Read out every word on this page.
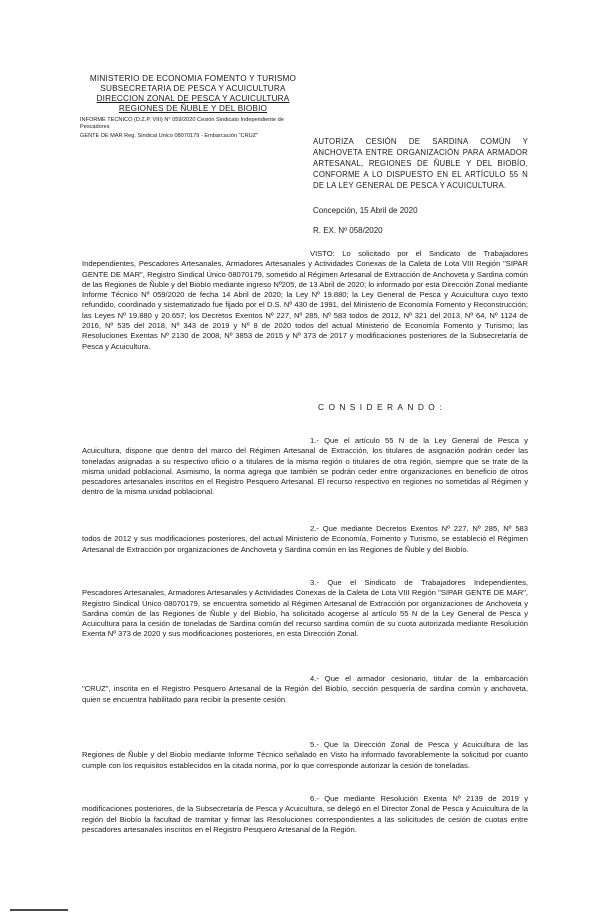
MINISTERIO DE ECONOMIA FOMENTO Y TURISMO
SUBSECRETARIA DE PESCA Y ACUICULTURA
DIRECCION ZONAL DE PESCA Y ACUICULTURA
REGIONES DE ÑUBLE Y DEL BIOBIO
INFORME TECNICO (D.Z.P. VIII) N° 059/2020 Cesión Sindicato Independiente de Pescadores
GENTE DE MAR Reg. Sindical Unico 08070179 - Embarcación "CRUZ"
AUTORIZA CESIÓN DE SARDINA COMÚN Y ANCHOVETA ENTRE ORGANIZACIÓN PARA ARMADOR ARTESANAL, REGIONES DE ÑUBLE Y DEL BIOBÍO, CONFORME A LO DISPUESTO EN EL ARTÍCULO 55 N DE LA LEY GENERAL DE PESCA Y ACUICULTURA.
Concepción, 15 Abril de 2020
R. EX. Nº 058/2020
VISTO: Lo solicitado por el Sindicato de Trabajadores Independientes, Pescadores Artesanales, Armadores Artesanales y Actividades Conexas de la Caleta de Lota VIII Región "SIPAR GENTE DE MAR", Registro Sindical Único 08070179, sometido al Régimen Artesanal de Extracción de Anchoveta y Sardina común de las Regiones de Ñuble y del Biobío mediante ingreso Nº205, de 13 Abril de 2020; lo informado por esta Dirección Zonal mediante Informe Técnico Nº 059/2020 de fecha 14 Abril de 2020; la Ley Nº 19.880; la Ley General de Pesca y Acuicultura cuyo texto refundido, coordinado y sistematizado fue fijado por el D.S. Nº 430 de 1991, del Ministerio de Economía Fomento y Reconstrucción; las Leyes Nº 19.880 y 20.657; los Decretos Exentos Nº 227, Nº 285, Nº 583 todos de 2012, Nº 321 del 2013, Nº 64, Nº 1124 de 2016, Nº 535 del 2018, Nº 343 de 2019 y Nº 8 de 2020 todos del actual Ministerio de Economía Fomento y Turismo; las Resoluciones Exentas Nº 2130 de 2008, Nº 3853 de 2015 y Nº 373 de 2017 y modificaciones posteriores de la Subsecretaría de Pesca y Acuicultura.
CONSIDERANDO:
1.- Que el artículo 55 N de la Ley General de Pesca y Acuicultura, dispone que dentro del marco del Régimen Artesanal de Extracción, los titulares de asignación podrán ceder las toneladas asignadas a su respectivo oficio o a titulares de la misma región o titulares de otra región, siempre que se trate de la misma unidad poblacional. Asimismo, la norma agrega que también se podrán ceder entre organizaciones en beneficio de otros pescadores artesanales inscritos en el Registro Pesquero Artesanal. El recurso respectivo en regiones no sometidas al Régimen y dentro de la misma unidad poblacional.
2.- Que mediante Decretos Exentos Nº 227, Nº 285, Nº 583 todos de 2012 y sus modificaciones posteriores, del actual Ministerio de Economía, Fomento y Turismo, se estableció el Régimen Artesanal de Extracción por organizaciones de Anchoveta y Sardina común en las Regiones de Ñuble y del Biobío.
3.- Que el Sindicato de Trabajadores Independientes, Pescadores Artesanales, Armadores Artesanales y Actividades Conexas de la Caleta de Lota VIII Región "SIPAR GENTE DE MAR", Registro Sindical Único 08070179, se encuentra sometido al Régimen Artesanal de Extracción por organizaciones de Anchoveta y Sardina común de las Regiones de Ñuble y del Biobío, ha solicitado acogerse al artículo 55 N de la Ley General de Pesca y Acuicultura para la cesión de toneladas de Sardina común del recurso sardina común de su cuota autorizada mediante Resolución Exenta Nº 373 de 2020 y sus modificaciones posteriores, en esta Dirección Zonal.
4.- Que el armador cesionario, titular de la embarcación "CRUZ", inscrita en el Registro Pesquero Artesanal de la Región del Biobío, sección pesquería de sardina común y anchoveta, quien se encuentra habilitado para recibir la presente cesión.
5.- Que la Dirección Zonal de Pesca y Acuicultura de las Regiones de Ñuble y del Biobío mediante Informe Técnico señalado en Visto ha informado favorablemente la solicitud por cuanto cumple con los requisitos establecidos en la citada norma, por lo que corresponde autorizar la cesión de toneladas.
6.- Que mediante Resolución Exenta Nº 2139 de 2019 y modificaciones posteriores, de la Subsecretaría de Pesca y Acuicultura, se delegó en el Director Zonal de Pesca y Acuicultura de la región del Biobío la facultad de tramitar y firmar las Resoluciones correspondientes a las solicitudes de cesión de cuotas entre pescadores artesanales inscritos en el Registro Pesquero Artesanal de la Región.
